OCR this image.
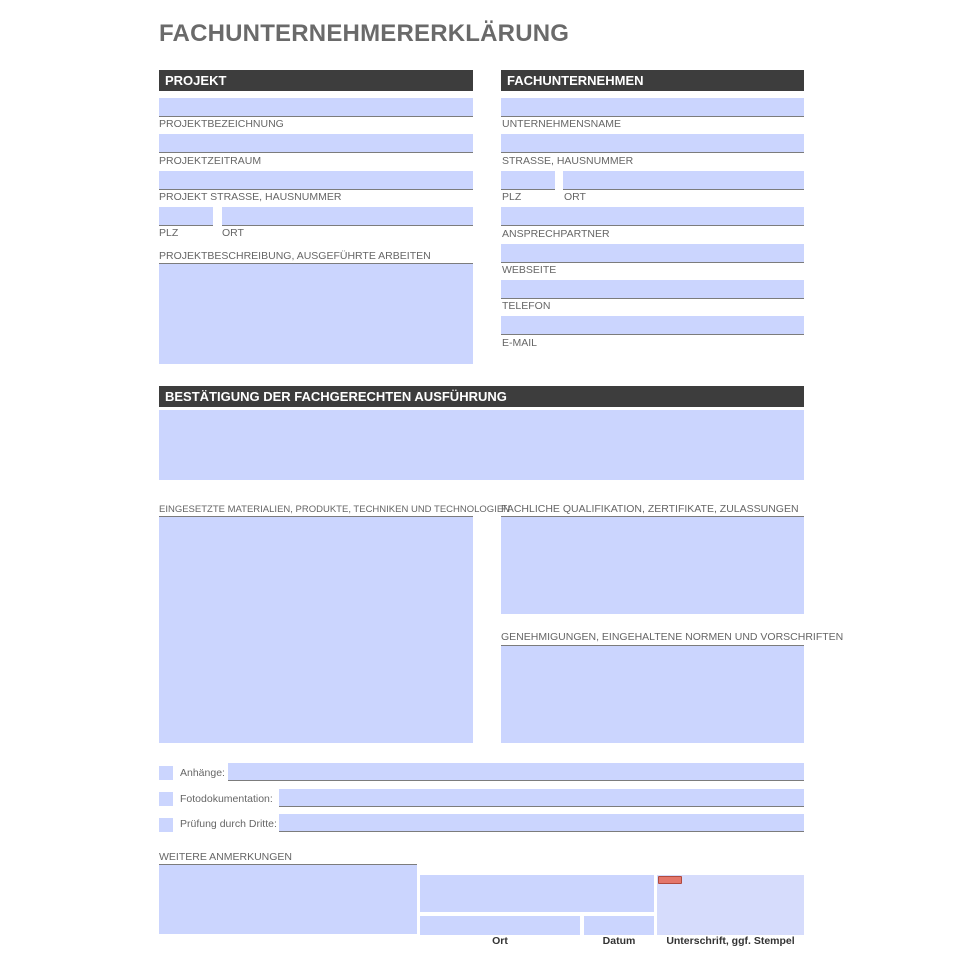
FACHUNTERNEHMERERKLÄRUNG
PROJEKT
PROJEKTBEZEICHNUNG
PROJEKTZEITRAUM
PROJEKT STRASSE, HAUSNUMMER
PLZ	ORT
PROJEKTBESCHREIBUNG, AUSGEFÜHRTE ARBEITEN
FACHUNTERNEHMEN
UNTERNEHMENSNAME
STRASSE, HAUSNUMMER
PLZ	ORT
ANSPRECHPARTNER
WEBSEITE
TELEFON
E-MAIL
BESTÄTIGUNG DER FACHGERECHTEN AUSFÜHRUNG
EINGESETZTE MATERIALIEN, PRODUKTE, TECHNIKEN UND TECHNOLOGIEN
FACHLICHE QUALIFIKATION, ZERTIFIKATE, ZULASSUNGEN
GENEHMIGUNGEN, EINGEHALTENE NORMEN UND VORSCHRIFTEN
Anhänge:
Fotodokumentation:
Prüfung durch Dritte:
WEITERE ANMERKUNGEN
Ort	Datum	Unterschrift, ggf. Stempel
